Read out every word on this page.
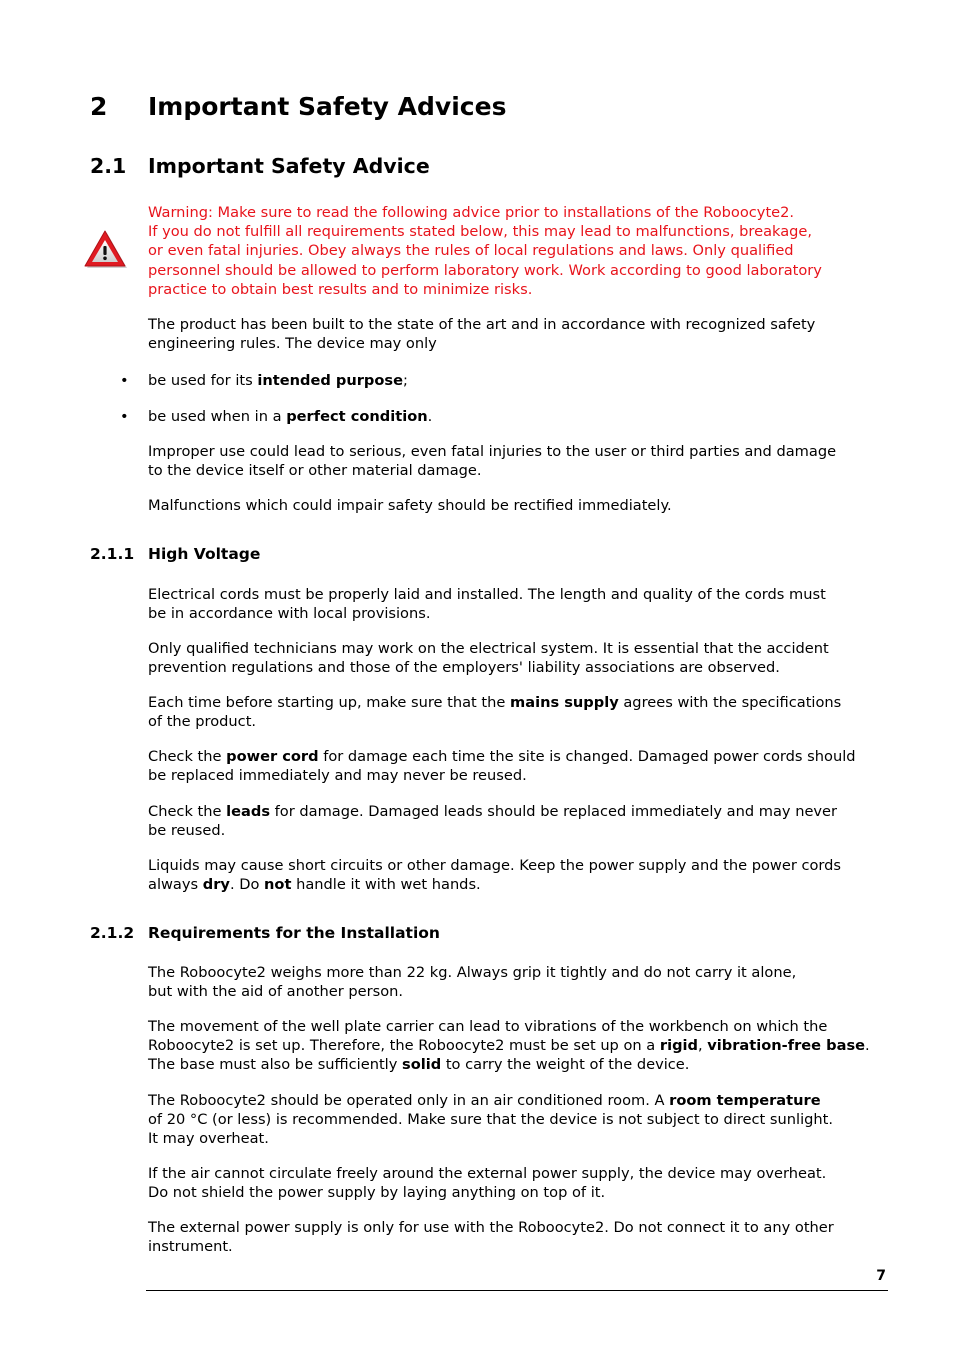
2 Important Safety Advices
2.1 Important Safety Advice
Warning: Make sure to read the following advice prior to installations of the Roboocyte2.
If you do not fulfill all requirements stated below, this may lead to malfunctions, breakage,
or even fatal injuries. Obey always the rules of local regulations and laws. Only qualified
personnel should be allowed to perform laboratory work. Work according to good laboratory
practice to obtain best results and to minimize risks.
The product has been built to the state of the art and in accordance with recognized safety
engineering rules. The device may only
• be used for its intended purpose;
• be used when in a perfect condition.
Improper use could lead to serious, even fatal injuries to the user or third parties and damage
to the device itself or other material damage.
Malfunctions which could impair safety should be rectified immediately.
2.1.1 High Voltage
Electrical cords must be properly laid and installed. The length and quality of the cords must
be in accordance with local provisions.
Only qualified technicians may work on the electrical system. It is essential that the accident
prevention regulations and those of the employers' liability associations are observed.
Each time before starting up, make sure that the mains supply agrees with the specifications
of the product.
Check the power cord for damage each time the site is changed. Damaged power cords should
be replaced immediately and may never be reused.
Check the leads for damage. Damaged leads should be replaced immediately and may never
be reused.
Liquids may cause short circuits or other damage. Keep the power supply and the power cords
always dry. Do not handle it with wet hands.
2.1.2 Requirements for the Installation
The Roboocyte2 weighs more than 22 kg. Always grip it tightly and do not carry it alone,
but with the aid of another person.
The movement of the well plate carrier can lead to vibrations of the workbench on which the
Roboocyte2 is set up. Therefore, the Roboocyte2 must be set up on a rigid, vibration-free base.
The base must also be sufficiently solid to carry the weight of the device.
The Roboocyte2 should be operated only in an air conditioned room. A room temperature
of 20 °C (or less) is recommended. Make sure that the device is not subject to direct sunlight.
It may overheat.
If the air cannot circulate freely around the external power supply, the device may overheat.
Do not shield the power supply by laying anything on top of it.
The external power supply is only for use with the Roboocyte2. Do not connect it to any other
instrument.
7
